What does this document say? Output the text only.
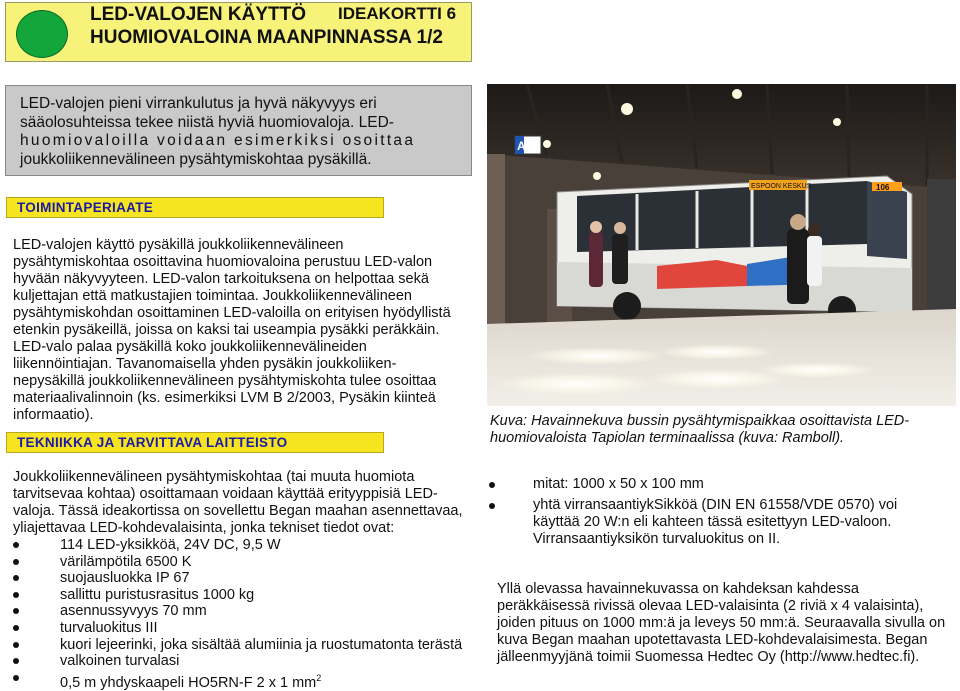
LED-VALOJEN KÄYTTÖ IDEAKORTTI 6
HUOMIOVALOINA MAANPINNASSA 1/2
LED-valojen pieni virrankulutus ja hyvä näkyvyys eri
sääolosuhteissa tekee niistä hyviä huomiovaloja. LED-
huomiovaloilla voidaan esimerkiksi osoittaa
joukkoliikennevälineen pysähtymiskohtaa pysäkillä.
TOIMINTAPERIAATE
LED-valojen käyttö pysäkillä joukkoliikennevälineen
pysähtymiskohtaa osoittavina huomiovaloina perustuu LED-valon
hyvään näkyvyyteen. LED-valon tarkoituksena on helpottaa sekä
kuljettajan että matkustajien toimintaa. Joukkoliikennevälineen
pysähtymiskohdan osoittaminen LED-valoilla on erityisen hyödyllistä
etenkin pysäkeillä, joissa on kaksi tai useampia pysäkki peräkkäin.
LED-valo palaa pysäkillä koko joukkoliikennevälineiden
liikennöintiajan. Tavanomaisella yhden pysäkin joukkoliiken-
nepysäkillä joukkoliikennevälineen pysähtymiskohta tulee osoittaa
materiaalivalinnoin (ks. esimerkiksi LVM B 2/2003, Pysäkin kiinteä
informaatio).
TEKNIIKKA JA TARVITTAVA LAITTEISTO
Joukkoliikennevälineen pysähtymiskohtaa (tai muuta huomiota
tarvitsevaa kohtaa) osoittamaan voidaan käyttää erityyppisiä LED-
valoja. Tässä ideakortissa on sovellettu Began maahan asennettavaa,
yliajettavaa LED-kohdevalaisinta, jonka tekniset tiedot ovat:
114 LED-yksikköä, 24V DC, 9,5 W
värilämpötila 6500 K
suojausluokka IP 67
sallittu puristusrasitus 1000 kg
asennussyvyys 70 mm
turvaluokitus III
kuori lejeerinki, joka sisältää alumiinia ja ruostumatonta terästä
valkoinen turvalasi
0,5 m yhdyskaapeli HO5RN-F 2 x 1 $mm^2$
A
ESPOON KESKUS	106
Kuva: Havainnekuva bussin pysähtymispaikkaa osoittavista LED-
huomiovaloista Tapiolan terminaalissa (kuva: Ramboll).
mitat: 1000 x 50 x 100 mm
yhtä virransaantiykSikköä (DIN EN 61558/VDE 0570) voi
käyttää 20 W:n eli kahteen tässä esitettyyn LED-valoon.
Virransaantiyksikön turvaluokitus on II.
Yllä olevassa havainnekuvassa on kahdeksan kahdessa
peräkkäisessä rivissä olevaa LED-valaisinta (2 riviä x 4 valaisinta),
joiden pituus on 1000 mm:ä ja leveys 50 mm:ä. Seuraavalla sivulla on
kuva Began maahan upotettavasta LED-kohdevalaisimesta. Began
jälleenmyyjänä toimii Suomessa Hedtec Oy (http://www.hedtec.fi).
